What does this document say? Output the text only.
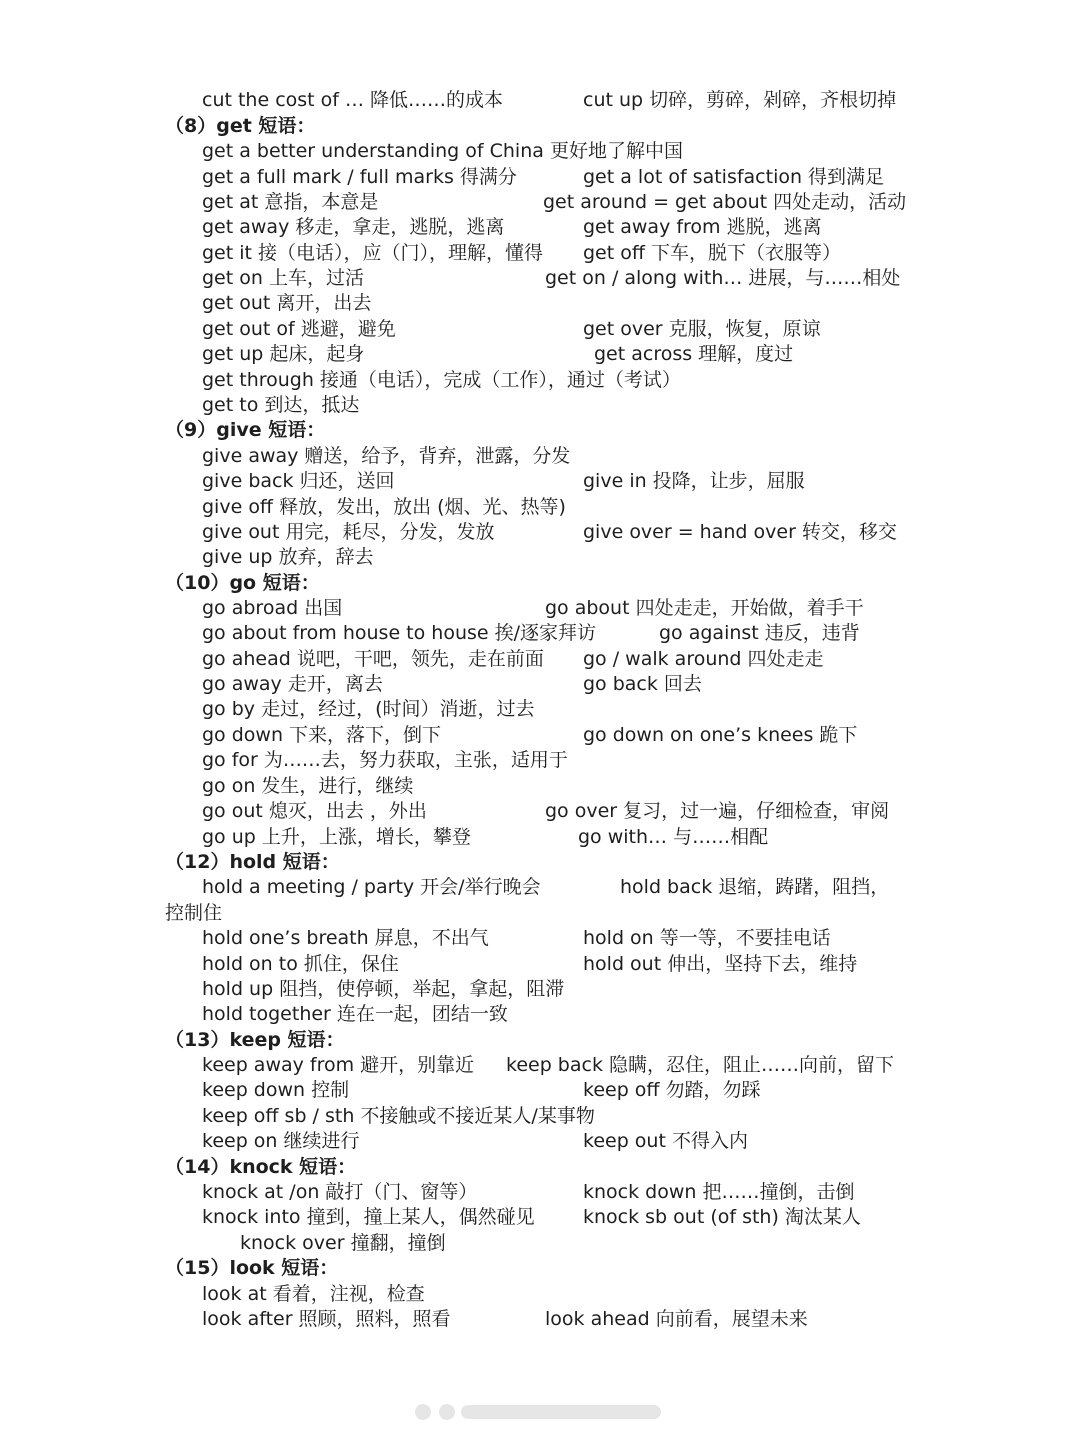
cut the cost of … 降低……的成本	cut up 切碎，剪碎，剁碎，齐根切掉
（8）get 短语：
get a better understanding of China 更好地了解中国
get a full mark / full marks 得满分	get a lot of satisfaction 得到满足
get at 意指，本意是	get around = get about 四处走动，活动
get away 移走，拿走，逃脱，逃离	get away from 逃脱，逃离
get it 接（电话），应（门），理解，懂得 get off 下车，脱下（衣服等）
get on 上车，过活	get on / along with… 进展，与……相处
get out 离开，出去
get out of 逃避，避免	get over 克服，恢复，原谅
get up 起床，起身	get across 理解，度过
get through 接通（电话），完成（工作），通过（考试）
get to 到达，抵达
（9）give 短语：
give away 赠送，给予，背弃，泄露，分发
give back 归还，送回	give in 投降，让步，屈服
give off 释放，发出，放出 (烟、光、热等)
give out 用完，耗尽，分发，发放	give over = hand over 转交，移交
give up 放弃，辞去
（10）go 短语：
go abroad 出国	go about 四处走走，开始做，着手干
go about from house to house 挨/逐家拜访	go against 违反，违背
go ahead 说吧，干吧，领先，走在前面 go / walk around 四处走走
go away 走开，离去	go back 回去
go by 走过，经过，(时间）消逝，过去
go down 下来，落下，倒下	go down on one’s knees 跪下
go for 为……去，努力获取，主张，适用于
go on 发生，进行，继续
go out 熄灭，出去 ，外出	go over 复习，过一遍，仔细检查，审阅
go up 上升，上涨，增长，攀登	go with… 与……相配
（12）hold 短语：
hold a meeting / party 开会/举行晚会	hold back 退缩，踌躇，阻挡，
控制住
hold one’s breath 屏息，不出气	hold on 等一等，不要挂电话
hold on to 抓住，保住	hold out 伸出，坚持下去，维持
hold up 阻挡，使停顿，举起，拿起，阻滞
hold together 连在一起，团结一致
（13）keep 短语：
keep away from 避开，别靠近 keep back 隐瞒，忍住，阻止……向前，留下
keep down 控制	keep off 勿踏，勿踩
keep off sb / sth 不接触或不接近某人/某事物
keep on 继续进行	keep out 不得入内
（14）knock 短语：
knock at /on 敲打（门、窗等）	knock down 把……撞倒，击倒
knock into 撞到，撞上某人，偶然碰见	knock sb out (of sth) 淘汰某人
knock over 撞翻，撞倒
（15）look 短语：
look at 看着，注视，检查
look after 照顾，照料，照看	look ahead 向前看，展望未来
